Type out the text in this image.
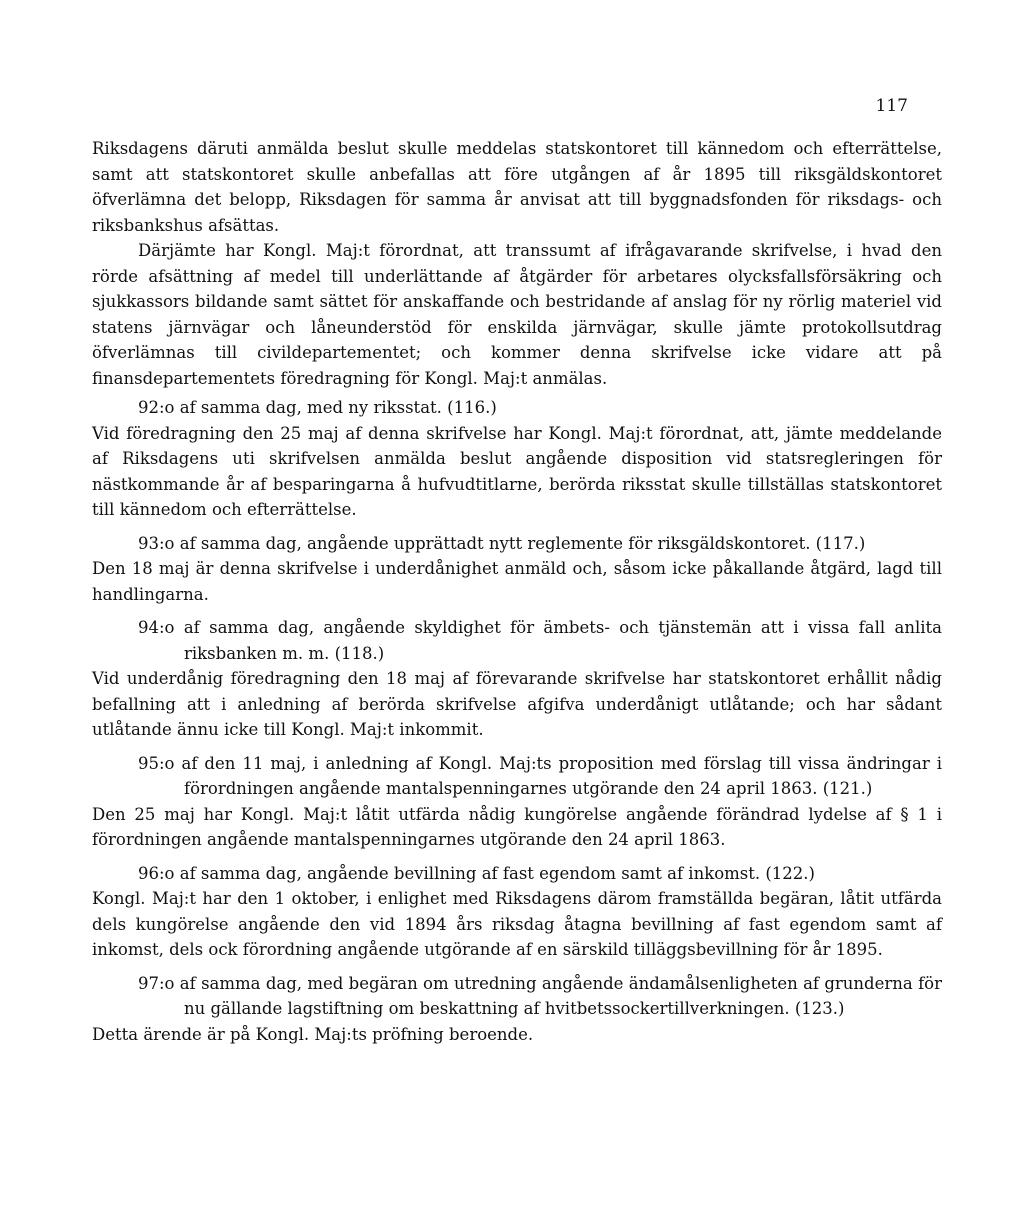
117

Riksdagens däruti anmälda beslut skulle meddelas statskontoret till kännedom och efterrättelse, samt att statskontoret skulle anbefallas att före utgången af år 1895 till riksgäldskontoret öfverlämna det belopp, Riksdagen för samma år anvisat att till byggnadsfonden för riksdags- och riksbankshus afsättas.

Därjämte har Kongl. Maj:t förordnat, att transsumt af ifrågavarande skrifvelse, i hvad den rörde afsättning af medel till underlättande af åtgärder för arbetares olycksfallsförsäkring och sjukkassors bildande samt sättet för anskaffande och bestridande af anslag för ny rörlig materiel vid statens järnvägar och låneunderstöd för enskilda järnvägar, skulle jämte protokollsutdrag öfverlämnas till civildepartementet; och kommer denna skrifvelse icke vidare att på finansdepartementets föredragning för Kongl. Maj:t anmälas.

92:o af samma dag, med ny riksstat. (116.)

Vid föredragning den 25 maj af denna skrifvelse har Kongl. Maj:t förordnat, att, jämte meddelande af Riksdagens uti skrifvelsen anmälda beslut angående disposition vid statsregleringen för nästkommande år af besparingarna å hufvudtitlarne, berörda riksstat skulle tillställas statskontoret till kännedom och efterrättelse.

93:o af samma dag, angående upprättadt nytt reglemente för riksgäldskontoret. (117.)

Den 18 maj är denna skrifvelse i underdånighet anmäld och, såsom icke påkallande åtgärd, lagd till handlingarna.

94:o af samma dag, angående skyldighet för ämbets- och tjänstemän att i vissa fall anlita riksbanken m. m. (118.)

Vid underdånig föredragning den 18 maj af förevarande skrifvelse har statskontoret erhållit nådig befallning att i anledning af berörda skrifvelse afgifva underdånigt utlåtande; och har sådant utlåtande ännu icke till Kongl. Maj:t inkommit.

95:o af den 11 maj, i anledning af Kongl. Maj:ts proposition med förslag till vissa ändringar i förordningen angående mantalspenningarnes utgörande den 24 april 1863. (121.)

Den 25 maj har Kongl. Maj:t låtit utfärda nådig kungörelse angående förändrad lydelse af § 1 i förordningen angående mantalspenningarnes utgörande den 24 april 1863.

96:o af samma dag, angående bevillning af fast egendom samt af inkomst. (122.)

Kongl. Maj:t har den 1 oktober, i enlighet med Riksdagens därom framställda begäran, låtit utfärda dels kungörelse angående den vid 1894 års riksdag åtagna bevillning af fast egendom samt af inkomst, dels ock förordning angående utgörande af en särskild tilläggsbevillning för år 1895.

97:o af samma dag, med begäran om utredning angående ändamålsenligheten af grunderna för nu gällande lagstiftning om beskattning af hvitbetssockertillverkningen. (123.)

Detta ärende är på Kongl. Maj:ts pröfning beroende.
